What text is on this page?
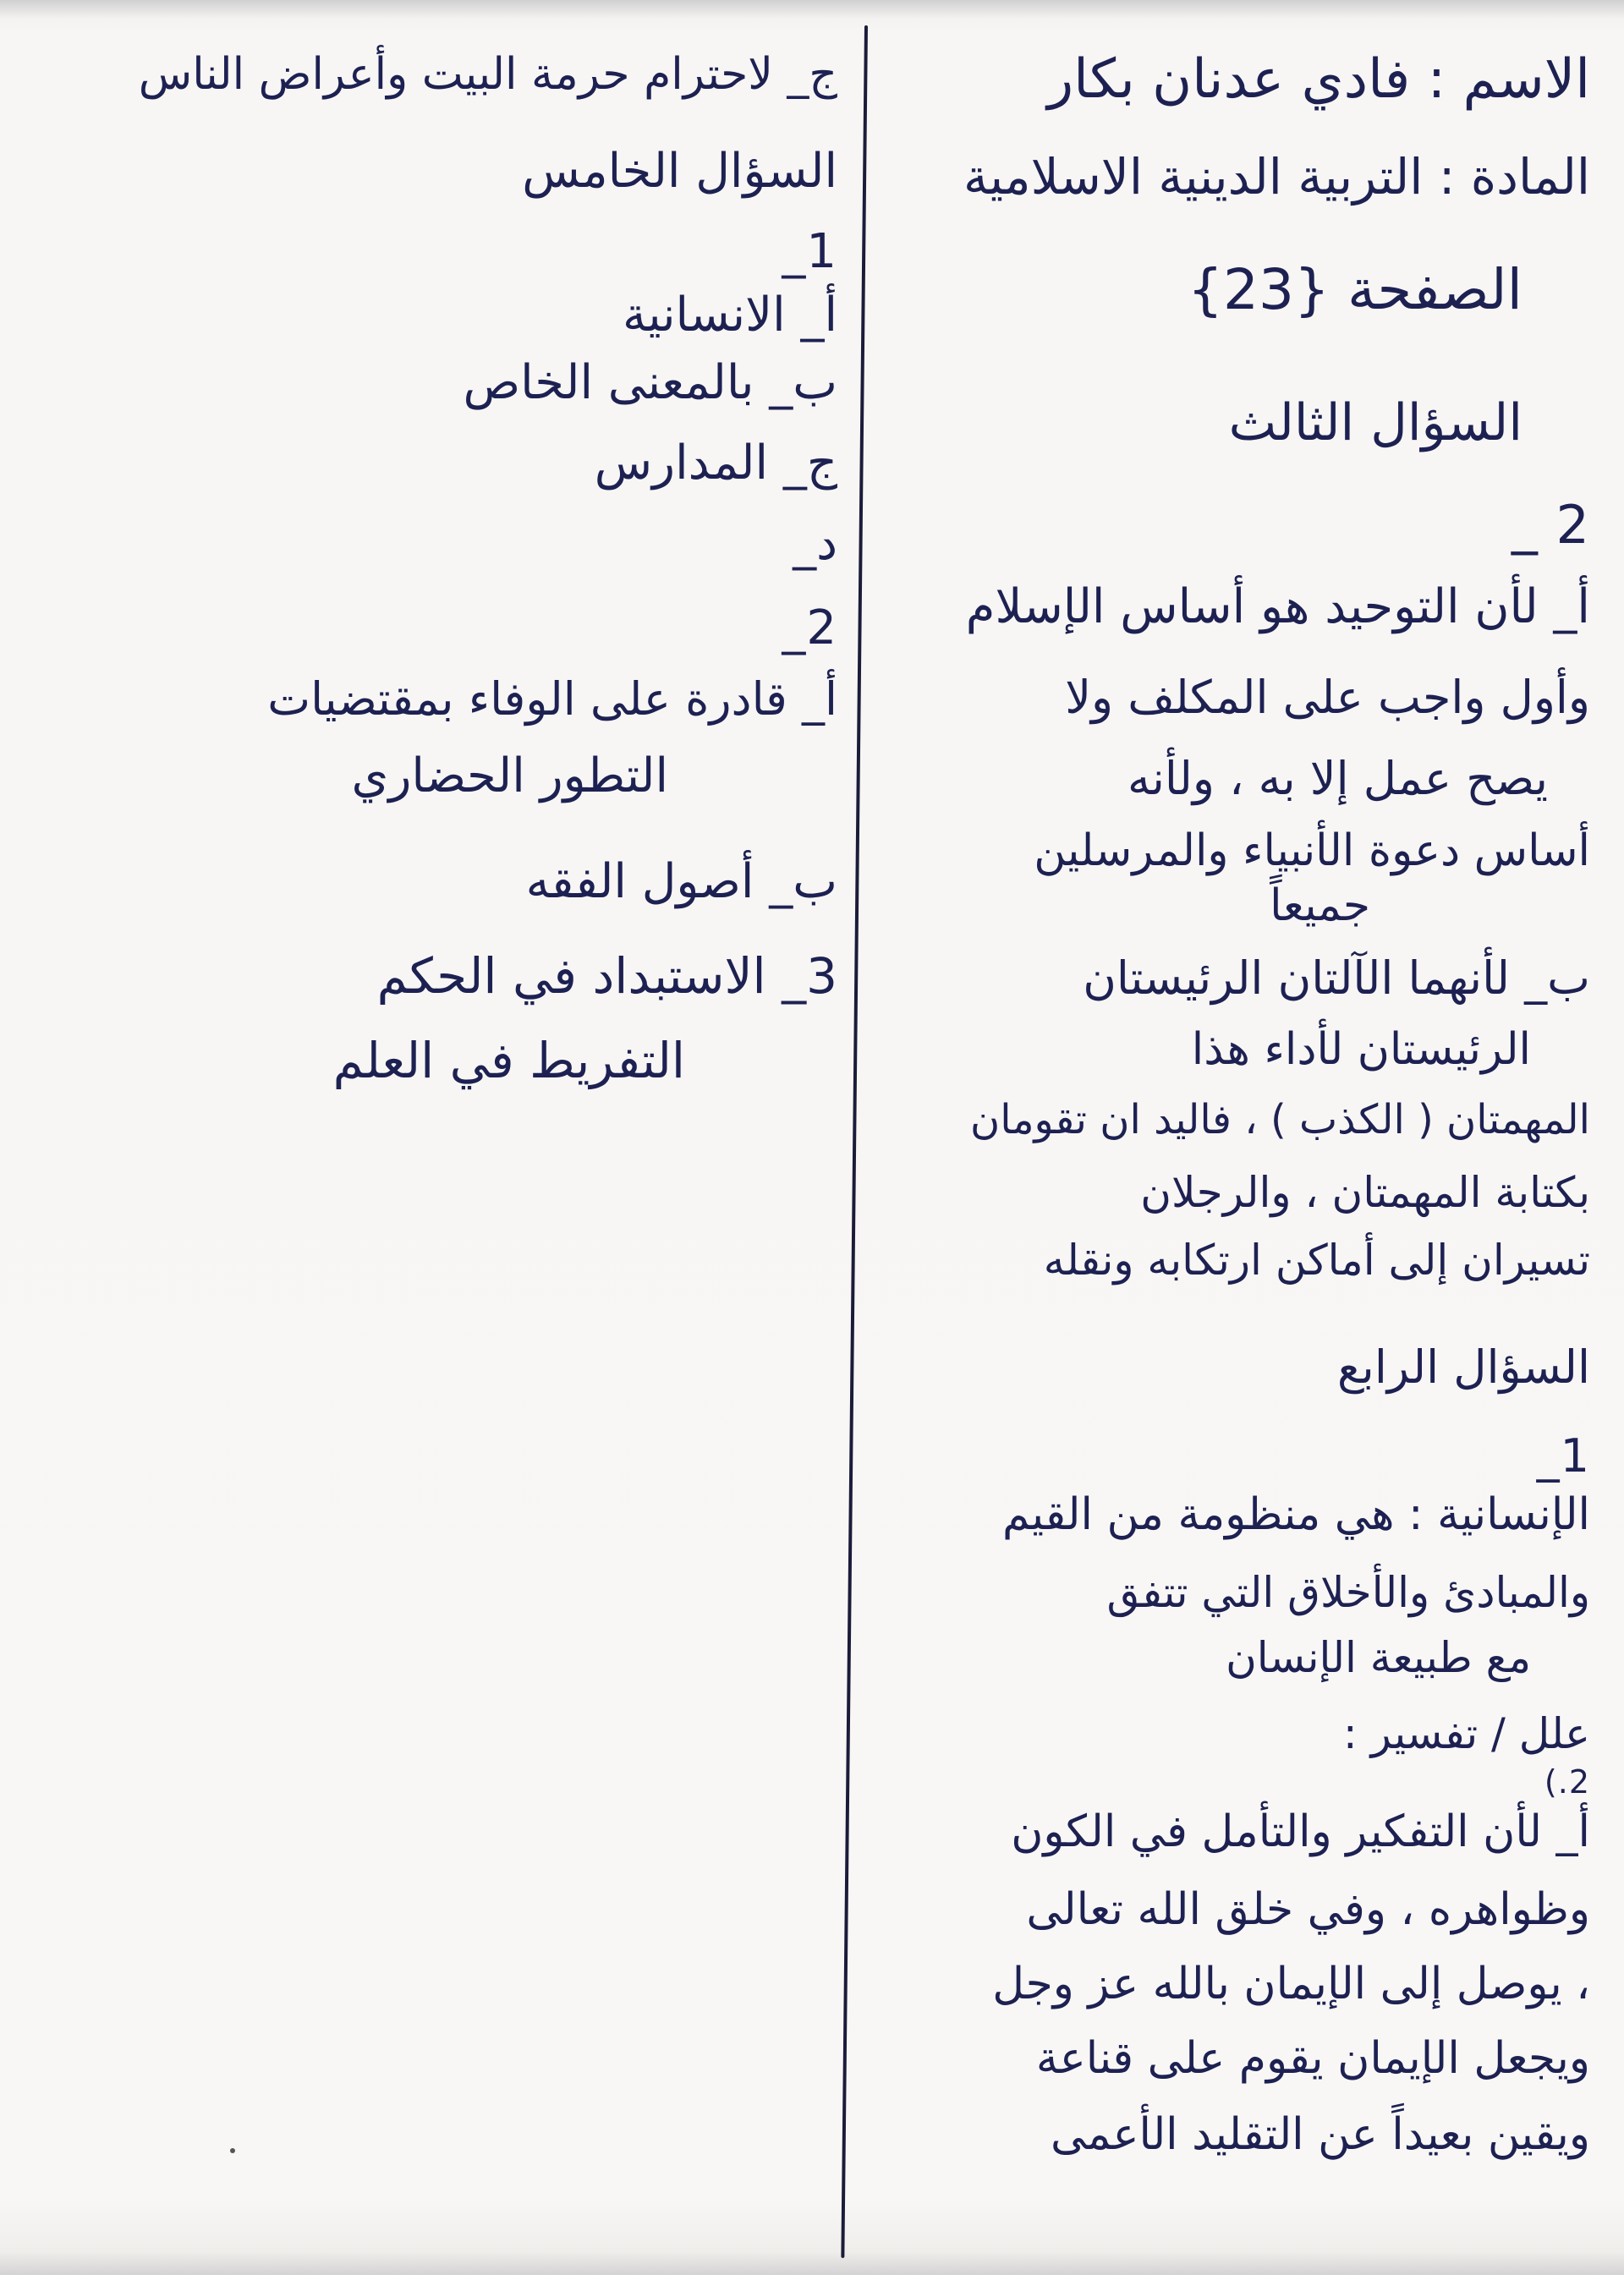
الاسم : فادي عدنان بكار
المادة : التربية الدينية الاسلامية
الصفحة {23}
السؤال الثالث
2 _
أ_ لأن التوحيد هو أساس الإسلام
وأول واجب على المكلف ولا
يصح عمل إلا به ، ولأنه
أساس دعوة الأنبياء والمرسلين
جميعاً
ب_ لأنهما الآلتان الرئيستان
الرئيستان لأداء هذا
المهمتان ( الكذب ) ، فاليد ان تقومان
بكتابة المهمتان ، والرجلان
تسيران إلى أماكن ارتكابه ونقله
السؤال الرابع
1_
الإنسانية : هي منظومة من القيم
والمبادئ والأخلاق التي تتفق
مع طبيعة الإنسان
علل / تفسير :
2.)
أ_ لأن التفكير والتأمل في الكون
وظواهره ، وفي خلق الله تعالى
، يوصل إلى الإيمان بالله عز وجل
ويجعل الإيمان يقوم على قناعة
ويقين بعيداً عن التقليد الأعمى
ج_ لاحترام حرمة البيت وأعراض الناس
السؤال الخامس
1_
أ_ الانسانية
ب_ بالمعنى الخاص
ج_ المدارس
د_
2_
أ_ قادرة على الوفاء بمقتضيات
التطور الحضاري
ب_ أصول الفقه
3_ الاستبداد في الحكم
التفريط في العلم
